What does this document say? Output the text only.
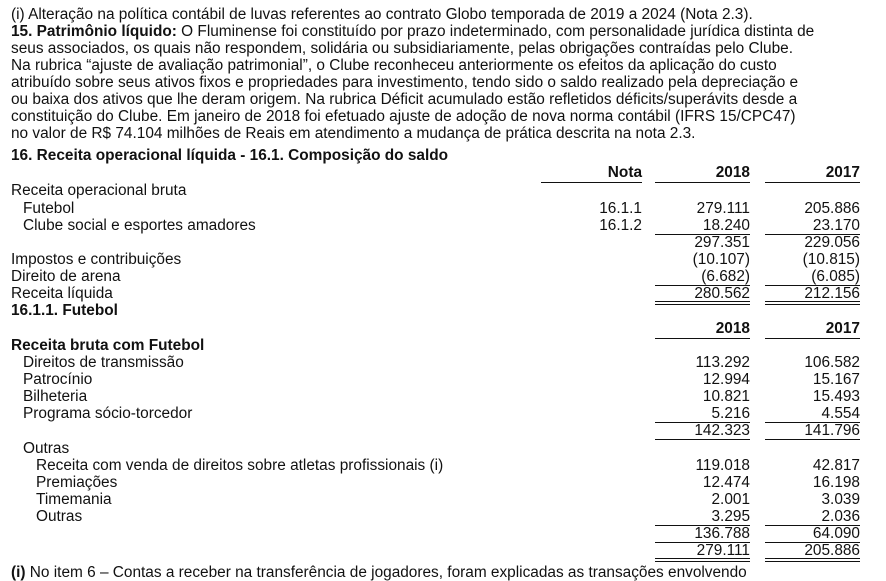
(i) Alteração na política contábil de luvas referentes ao contrato Globo temporada de 2019 a 2024 (Nota 2.3).
15. Patrimônio líquido: O Fluminense foi constituído por prazo indeterminado, com personalidade jurídica distinta de
seus associados, os quais não respondem, solidária ou subsidiariamente, pelas obrigações contraídas pelo Clube.
Na rubrica “ajuste de avaliação patrimonial”, o Clube reconheceu anteriormente os efeitos da aplicação do custo
atribuído sobre seus ativos fixos e propriedades para investimento, tendo sido o saldo realizado pela depreciação e
ou baixa dos ativos que lhe deram origem. Na rubrica Déficit acumulado estão refletidos déficits/superávits desde a
constituição do Clube. Em janeiro de 2018 foi efetuado ajuste de adoção de nova norma contábil (IFRS 15/CPC47)
no valor de R$ 74.104 milhões de Reais em atendimento a mudança de prática descrita na nota 2.3.
16. Receita operacional líquida - 16.1. Composição do saldo
Nota	2018	2017
Receita operacional bruta
Futebol	16.1.1	279.111	205.886
Clube social e esportes amadores	16.1.2	18.240	23.170
297.351	229.056
Impostos e contribuições	(10.107)	(10.815)
Direito de arena	(6.682)	(6.085)
Receita líquida	280.562	212.156
16.1.1. Futebol
2018	2017
Receita bruta com Futebol
Direitos de transmissão	113.292	106.582
Patrocínio	12.994	15.167
Bilheteria	10.821	15.493
Programa sócio-torcedor	5.216	4.554
142.323	141.796
Outras
Receita com venda de direitos sobre atletas profissionais (i)	119.018	42.817
Premiações	12.474	16.198
Timemania	2.001	3.039
Outras	3.295	2.036
136.788	64.090
279.111	205.886
(i) No item 6 – Contas a receber na transferência de jogadores, foram explicadas as transações envolvendo
